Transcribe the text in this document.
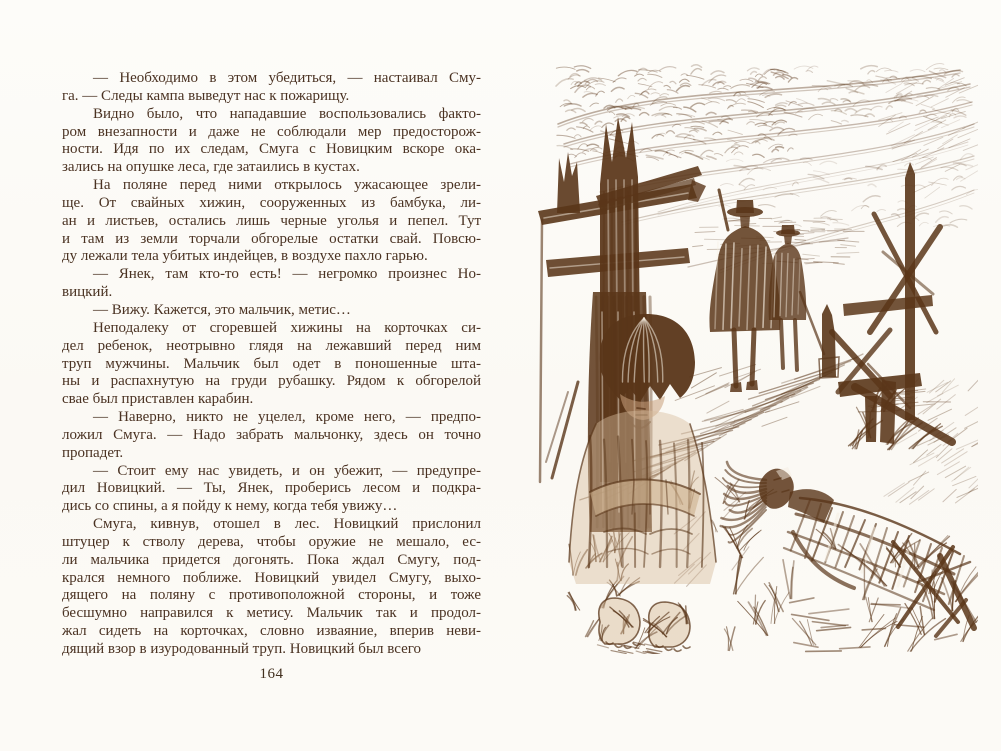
— Необходимо в этом убедиться, — настаивал Сму-
га. — Следы кампа выведут нас к пожарищу.
Видно было, что нападавшие воспользовались факто-
ром внезапности и даже не соблюдали мер предосторож-
ности. Идя по их следам, Смуга с Новицким вскоре ока-
зались на опушке леса, где затаились в кустах.
На поляне перед ними открылось ужасающее зрели-
ще. От свайных хижин, сооруженных из бамбука, ли-
ан и листьев, остались лишь черные уголья и пепел. Тут
и там из земли торчали обгорелые остатки свай. Повсю-
ду лежали тела убитых индейцев, в воздухе пахло гарью.
— Янек, там кто-то есть! — негромко произнес Но-
вицкий.
— Вижу. Кажется, это мальчик, метис…
Неподалеку от сгоревшей хижины на корточках си-
дел ребенок, неотрывно глядя на лежавший перед ним
труп мужчины. Мальчик был одет в поношенные шта-
ны и распахнутую на груди рубашку. Рядом к обгорелой
свае был приставлен карабин.
— Наверно, никто не уцелел, кроме него, — предпо-
ложил Смуга. — Надо забрать мальчонку, здесь он точно
пропадет.
— Стоит ему нас увидеть, и он убежит, — предупре-
дил Новицкий. — Ты, Янек, проберись лесом и подкра-
дись со спины, а я пойду к нему, когда тебя увижу…
Смуга, кивнув, отошел в лес. Новицкий прислонил
штуцер к стволу дерева, чтобы оружие не мешало, ес-
ли мальчика придется догонять. Пока ждал Смугу, под-
крался немного поближе. Новицкий увидел Смугу, выхо-
дящего на поляну с противоположной стороны, и тоже
бесшумно направился к метису. Мальчик так и продол-
жал сидеть на корточках, словно изваяние, вперив неви-
дящий взор в изуродованный труп. Новицкий был всего
164
